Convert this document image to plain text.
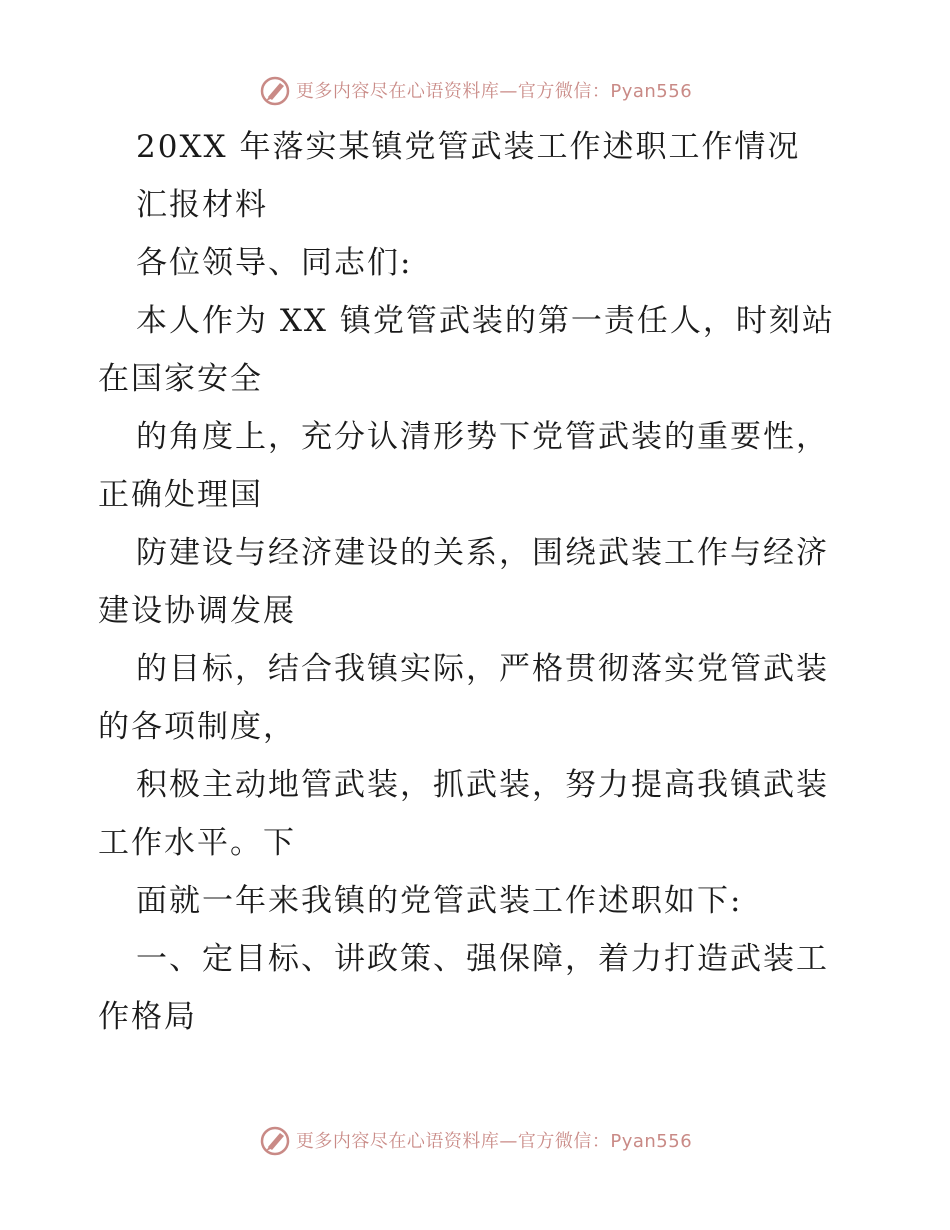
更多内容尽在心语资料库—官方微信：Pyan556
20XX 年落实某镇党管武装工作述职工作情况
汇报材料
各位领导、同志们:
本人作为 XX 镇党管武装的第一责任人，时刻站
在国家安全
的角度上，充分认清形势下党管武装的重要性，
正确处理国
防建设与经济建设的关系，围绕武装工作与经济
建设协调发展
的目标，结合我镇实际，严格贯彻落实党管武装
的各项制度，
积极主动地管武装，抓武装，努力提高我镇武装
工作水平。下
面就一年来我镇的党管武装工作述职如下:
一、定目标、讲政策、强保障，着力打造武装工
作格局
更多内容尽在心语资料库—官方微信：Pyan556
